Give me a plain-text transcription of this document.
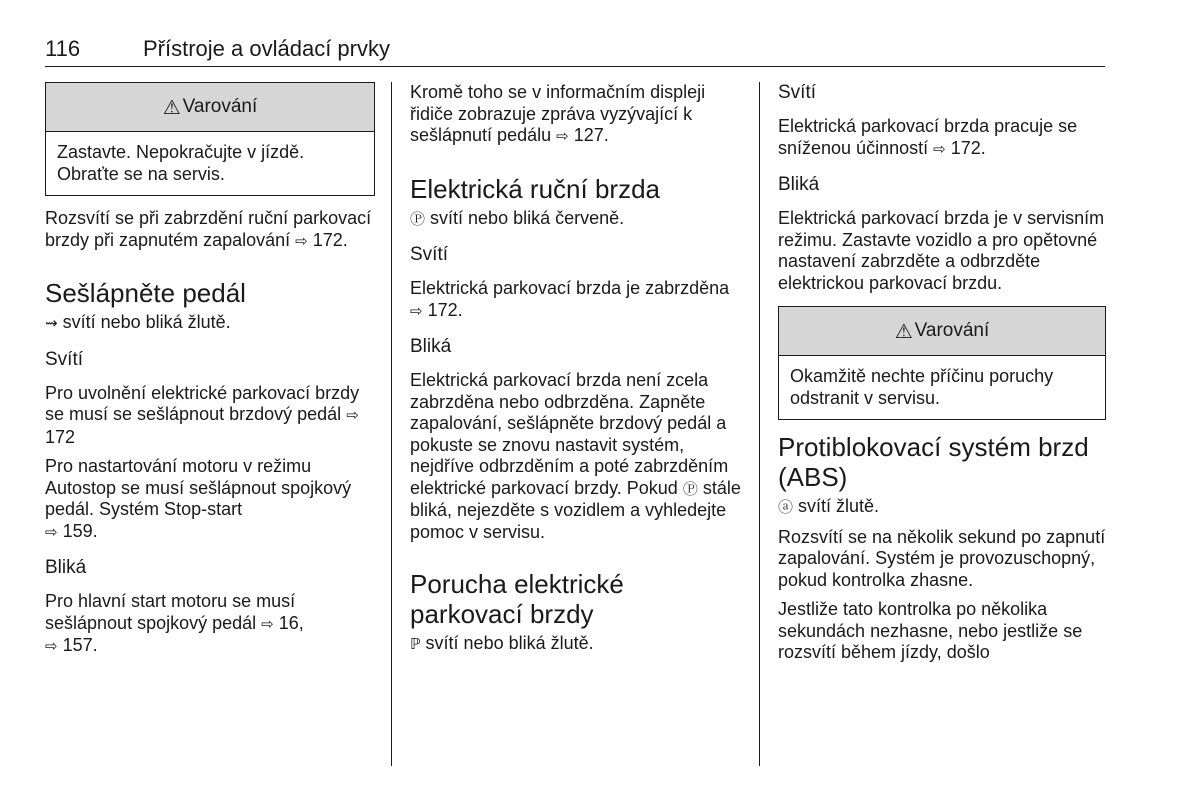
116	Přístroje a ovládací prvky
⚠ Varování
Zastavte. Nepokračujte v jízdě. Obraťte se na servis.

Rozsvítí se při zabrzdění ruční parkovací brzdy při zapnutém zapalování ⇨ 172.

Sešlápněte pedál

⇝ svítí nebo bliká žlutě.

Svítí

Pro uvolnění elektrické parkovací brzdy se musí se sešlápnout brzdový pedál ⇨ 172

Pro nastartování motoru v režimu Autostop se musí sešlápnout spojkový pedál. Systém Stop-start
⇨ 159.

Bliká

Pro hlavní start motoru se musí sešlápnout spojkový pedál ⇨ 16,
⇨ 157.

Kromě toho se v informačním displeji řidiče zobrazuje zpráva vyzývající k sešlápnutí pedálu ⇨ 127.

Elektrická ruční brzda

Ⓟ svítí nebo bliká červeně.

Svítí

Elektrická parkovací brzda je zabrzděna ⇨ 172.

Bliká

Elektrická parkovací brzda není zcela zabrzděna nebo odbrzděna. Zapněte zapalování, sešlápněte brzdový pedál a pokuste se znovu nastavit systém, nejdříve odbrzděním a poté zabrzděním elektrické parkovací brzdy. Pokud Ⓟ stále bliká, nejezděte s vozidlem a vyhledejte pomoc v servisu.

Porucha elektrické parkovací brzdy

ℙ svítí nebo bliká žlutě.

Svítí

Elektrická parkovací brzda pracuje se sníženou účinností ⇨ 172.

Bliká

Elektrická parkovací brzda je v servisním režimu. Zastavte vozidlo a pro opětovné nastavení zabrzděte a odbrzděte elektrickou parkovací brzdu.

⚠ Varování
Okamžitě nechte příčinu poruchy odstranit v servisu.
Protiblokovací systém brzd (ABS)

ⓐ svítí žlutě.

Rozsvítí se na několik sekund po zapnutí zapalování. Systém je provozuschopný, pokud kontrolka zhasne.

Jestliže tato kontrolka po několika sekundách nezhasne, nebo jestliže se rozsvítí během jízdy, došlo
